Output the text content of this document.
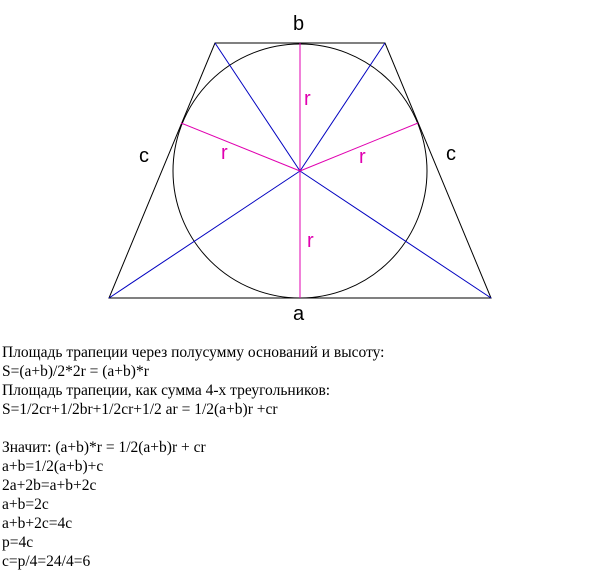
b
a
c	c
r
r	r
r
Площадь трапеции через полусумму оснований и высоту:
S=(a+b)/2*2r = (a+b)*r
Площадь трапеции, как сумма 4-х треугольников:
S=1/2cr+1/2br+1/2cr+1/2 ar = 1/2(a+b)r +cr
Значит: (a+b)*r = 1/2(a+b)r + cr
a+b=1/2(a+b)+c
2a+2b=a+b+2c
a+b=2c
a+b+2c=4c
p=4c
c=p/4=24/4=6
